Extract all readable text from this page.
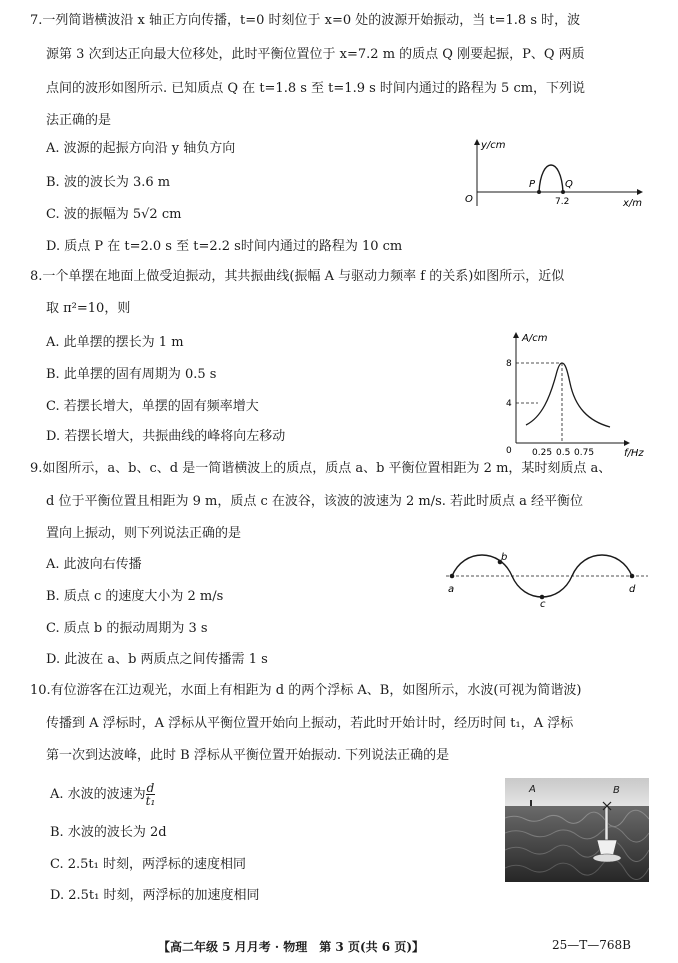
7.一列简谐横波沿 x 轴正方向传播，t=0 时刻位于 x=0 处的波源开始振动，当 t=1.8 s 时，波
源第 3 次到达正向最大位移处，此时平衡位置位于 x=7.2 m 的质点 Q 刚要起振，P、Q 两质
点间的波形如图所示. 已知质点 Q 在 t=1.8 s 至 t=1.9 s 时间内通过的路程为 5 cm，下列说
法正确的是
A. 波源的起振方向沿 y 轴负方向
B. 波的波长为 3.6 m
C. 波的振幅为 5√2 cm
D. 质点 P 在 t=2.0 s 至 t=2.2 s时间内通过的路程为 10 cm
y/cm
x/m
O
P	Q
7.2
8.一个单摆在地面上做受迫振动，其共振曲线(振幅 A 与驱动力频率 f 的关系)如图所示，近似
取 π²=10，则
A. 此单摆的摆长为 1 m
B. 此单摆的固有周期为 0.5 s
C. 若摆长增大，单摆的固有频率增大
D. 若摆长增大，共振曲线的峰将向左移动
A/cm
f/Hz
8
4
0 0.25 0.5 0.75
9.如图所示，a、b、c、d 是一简谐横波上的质点，质点 a、b 平衡位置相距为 2 m，某时刻质点 a、
d 位于平衡位置且相距为 9 m，质点 c 在波谷，该波的波速为 2 m/s. 若此时质点 a 经平衡位
置向上振动，则下列说法正确的是
A. 此波向右传播
B. 质点 c 的速度大小为 2 m/s
C. 质点 b 的振动周期为 3 s
D. 此波在 a、b 两质点之间传播需 1 s
a
b
c
d
10.有位游客在江边观光，水面上有相距为 d 的两个浮标 A、B，如图所示，水波(可视为简谐波)
传播到 A 浮标时，A 浮标从平衡位置开始向上振动，若此时开始计时，经历时间 t₁，A 浮标
第一次到达波峰，此时 B 浮标从平衡位置开始振动. 下列说法正确的是
A. 水波的波速为 $\frac{d}{\text{t₁}}$
B. 水波的波长为 2d
C. 2.5t₁ 时刻，两浮标的速度相同
D. 2.5t₁ 时刻，两浮标的加速度相同
A	B
【高二年级 5 月月考 · 物理　第 3 页(共 6 页)】	25—T—768B
